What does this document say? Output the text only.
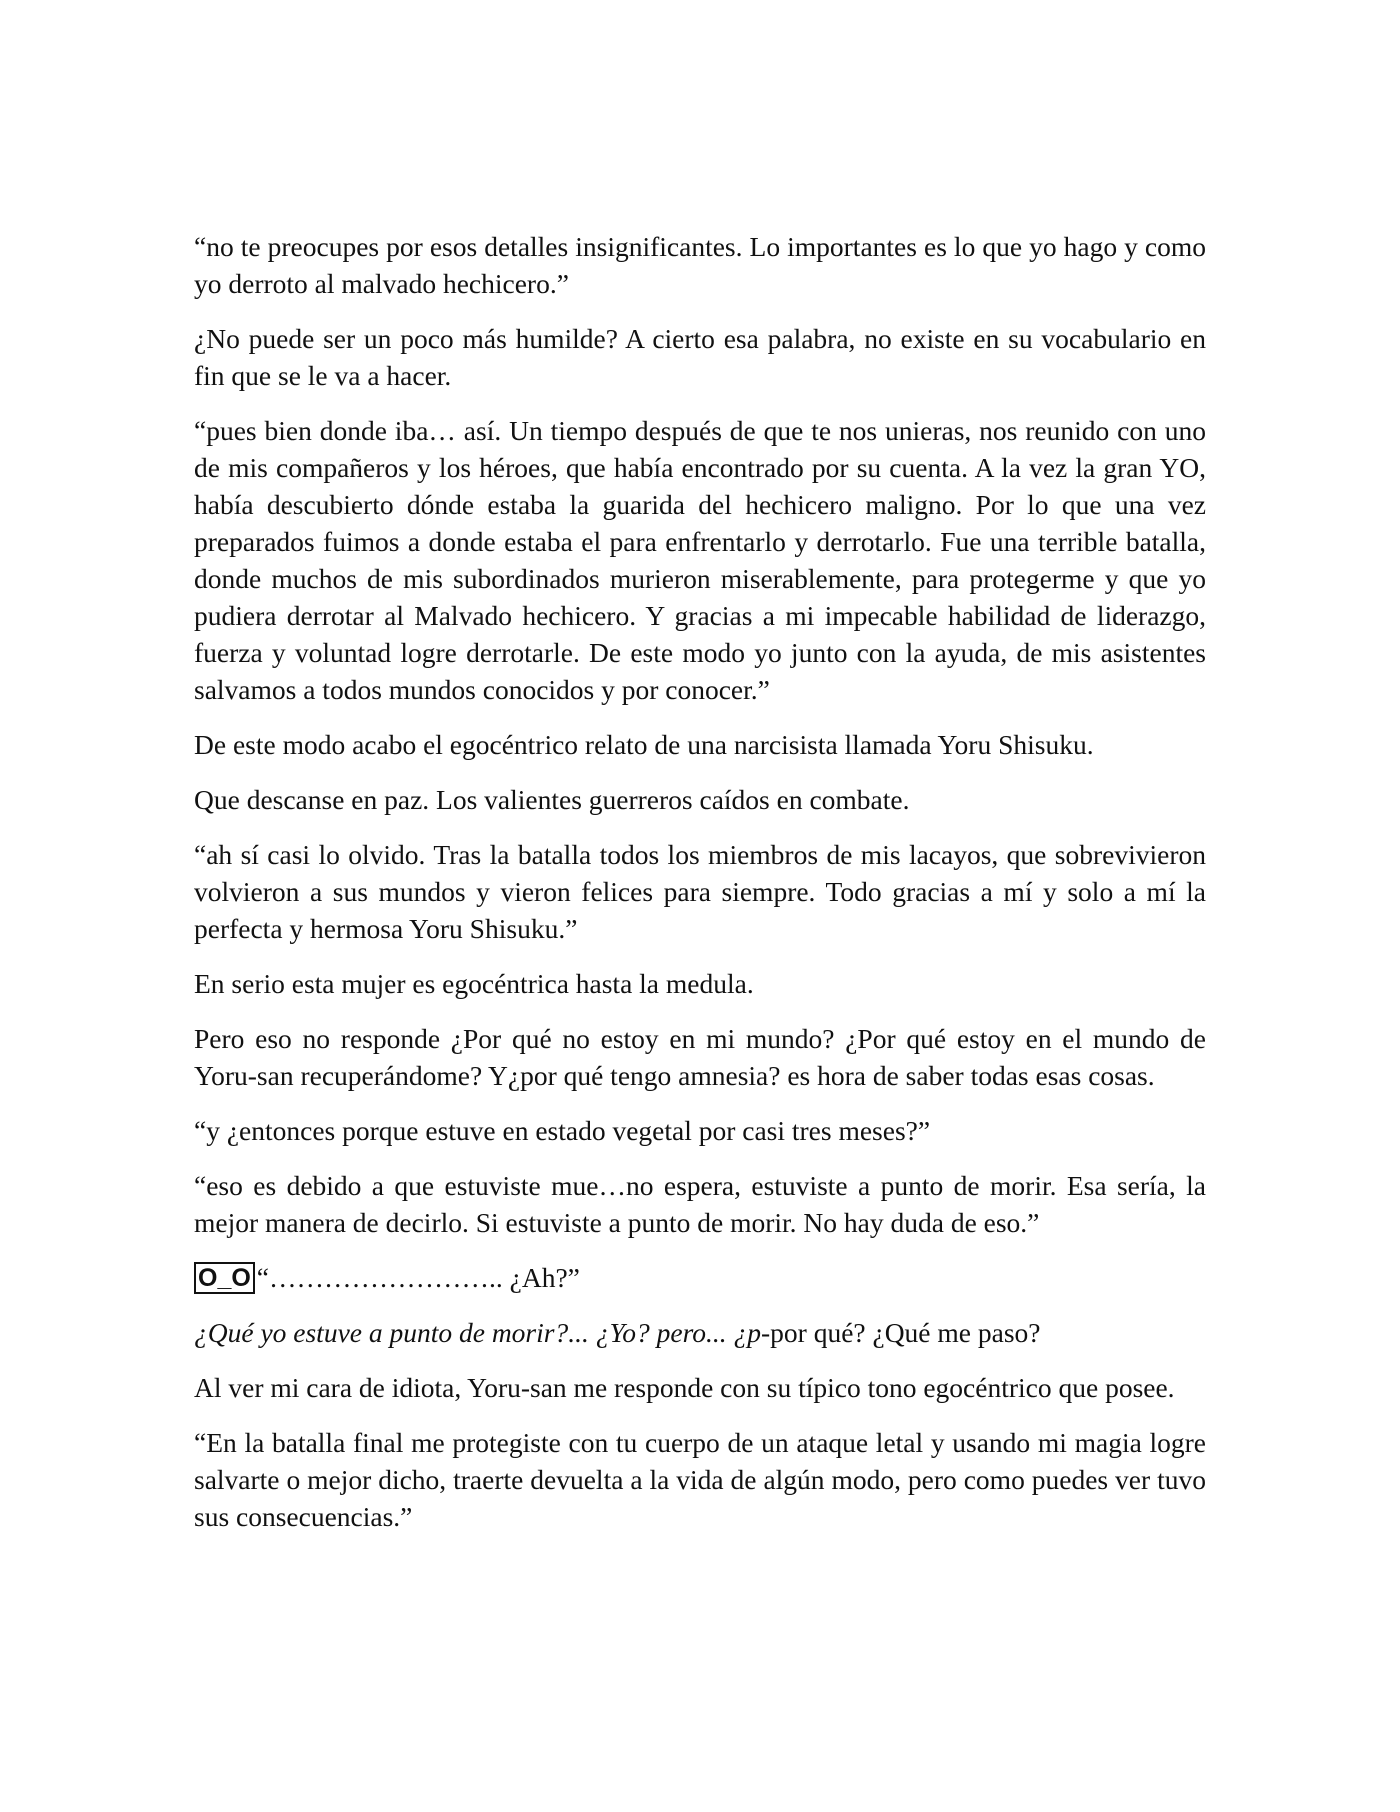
“no te preocupes por esos detalles insignificantes. Lo importantes es lo que yo hago y como yo derroto al malvado hechicero.”

¿No puede ser un poco más humilde? A cierto esa palabra, no existe en su vocabulario en fin que se le va a hacer.

“pues bien donde iba… así. Un tiempo después de que te nos unieras, nos reunido con uno de mis compañeros y los héroes, que había encontrado por su cuenta. A la vez la gran YO, había descubierto dónde estaba la guarida del hechicero maligno. Por lo que una vez preparados fuimos a donde estaba el para enfrentarlo y derrotarlo. Fue una terrible batalla, donde muchos de mis subordinados murieron miserablemente, para protegerme y que yo pudiera derrotar al Malvado hechicero. Y gracias a mi impecable habilidad de liderazgo, fuerza y voluntad logre derrotarle. De este modo yo junto con la ayuda, de mis asistentes salvamos a todos mundos conocidos y por conocer.”

De este modo acabo el egocéntrico relato de una narcisista llamada Yoru Shisuku.

Que descanse en paz. Los valientes guerreros caídos en combate.

“ah sí casi lo olvido. Tras la batalla todos los miembros de mis lacayos, que sobrevivieron volvieron a sus mundos y vieron felices para siempre. Todo gracias a mí y solo a mí la perfecta y hermosa Yoru Shisuku.”

En serio esta mujer es egocéntrica hasta la medula.

Pero eso no responde ¿Por qué no estoy en mi mundo? ¿Por qué estoy en el mundo de Yoru-san recuperándome? Y¿por qué tengo amnesia? es hora de saber todas esas cosas.

“y ¿entonces porque estuve en estado vegetal por casi tres meses?”

“eso es debido a que estuviste mue…no espera, estuviste a punto de morir. Esa sería, la mejor manera de decirlo. Si estuviste a punto de morir. No hay duda de eso.”

O_O “…………………….. ¿Ah?”

¿Qué yo estuve a punto de morir?... ¿Yo? pero... ¿p-por qué? ¿Qué me paso?

Al ver mi cara de idiota, Yoru-san me responde con su típico tono egocéntrico que posee.

“En la batalla final me protegiste con tu cuerpo de un ataque letal y usando mi magia logre salvarte o mejor dicho, traerte devuelta a la vida de algún modo, pero como puedes ver tuvo sus consecuencias.”
